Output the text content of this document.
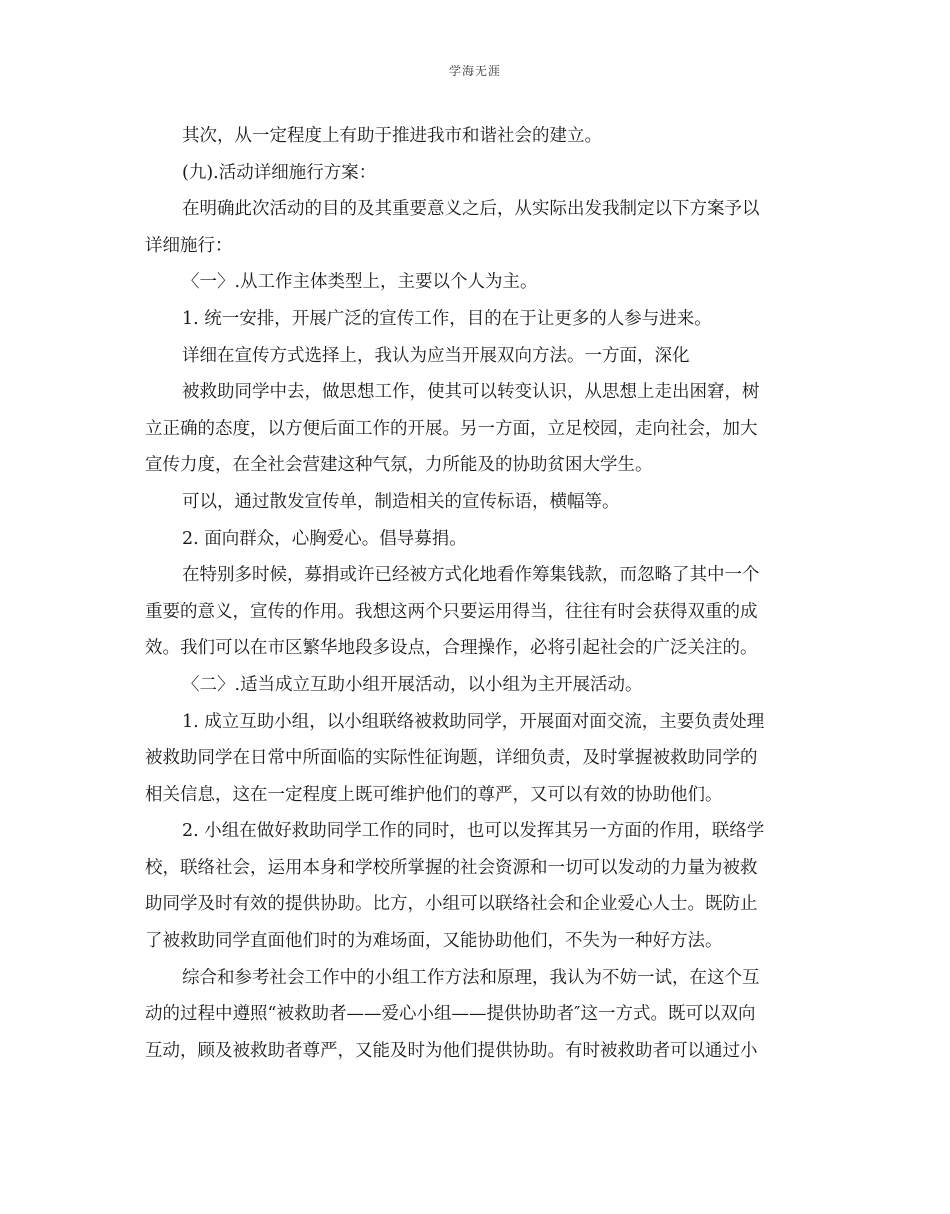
学海无涯
其次，从一定程度上有助于推进我市和谐社会的建立。
(九).活动详细施行方案：
在明确此次活动的目的及其重要意义之后，从实际出发我制定以下方案予以
详细施行：
〈一〉.从工作主体类型上，主要以个人为主。
1. 统一安排，开展广泛的宣传工作，目的在于让更多的人参与进来。
详细在宣传方式选择上，我认为应当开展双向方法。一方面，深化
被救助同学中去，做思想工作，使其可以转变认识，从思想上走出困窘，树
立正确的态度，以方便后面工作的开展。另一方面，立足校园，走向社会，加大
宣传力度，在全社会营建这种气氛，力所能及的协助贫困大学生。
可以，通过散发宣传单，制造相关的宣传标语，横幅等。
2. 面向群众，心胸爱心。倡导募捐。
在特别多时候，募捐或许已经被方式化地看作筹集钱款，而忽略了其中一个
重要的意义，宣传的作用。我想这两个只要运用得当，往往有时会获得双重的成
效。我们可以在市区繁华地段多设点，合理操作，必将引起社会的广泛关注的。
〈二〉.适当成立互助小组开展活动，以小组为主开展活动。
1. 成立互助小组，以小组联络被救助同学，开展面对面交流，主要负责处理
被救助同学在日常中所面临的实际性征询题，详细负责，及时掌握被救助同学的
相关信息，这在一定程度上既可维护他们的尊严，又可以有效的协助他们。
2. 小组在做好救助同学工作的同时，也可以发挥其另一方面的作用，联络学
校，联络社会，运用本身和学校所掌握的社会资源和一切可以发动的力量为被救
助同学及时有效的提供协助。比方，小组可以联络社会和企业爱心人士。既防止
了被救助同学直面他们时的为难场面，又能协助他们，不失为一种好方法。
综合和参考社会工作中的小组工作方法和原理，我认为不妨一试，在这个互
动的过程中遵照“被救助者——爱心小组——提供协助者″这一方式。既可以双向
互动，顾及被救助者尊严，又能及时为他们提供协助。有时被救助者可以通过小
